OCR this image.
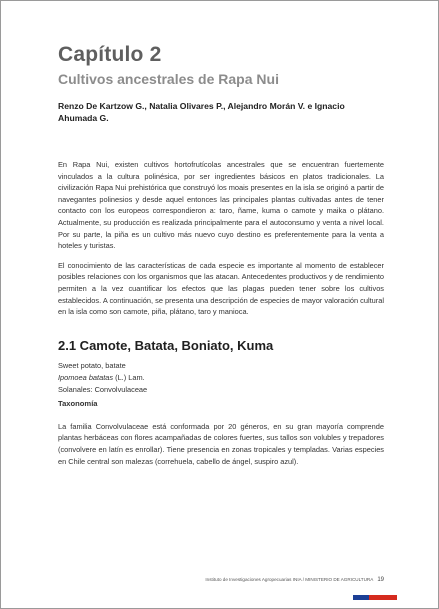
Capítulo 2
Cultivos ancestrales de Rapa Nui

Renzo De Kartzow G., Natalia Olivares P., Alejandro Morán V. e Ignacio Ahumada G.

En Rapa Nui, existen cultivos hortofrutícolas ancestrales que se encuentran fuertemente vinculados a la cultura polinésica, por ser ingredientes básicos en platos tradicionales. La civilización Rapa Nui prehistórica que construyó los moais presentes en la isla se originó a partir de navegantes polinesios y desde aquel entonces las principales plantas cultivadas antes de tener contacto con los europeos correspondieron a: taro, ñame, kuma o camote y maika o plátano. Actualmente, su producción es realizada principalmente para el autoconsumo y venta a nivel local. Por su parte, la piña es un cultivo más nuevo cuyo destino es preferentemente para la venta a hoteles y turistas.

El conocimiento de las características de cada especie es importante al momento de establecer posibles relaciones con los organismos que las atacan. Antecedentes productivos y de rendimiento permiten a la vez cuantificar los efectos que las plagas pueden tener sobre los cultivos establecidos. A continuación, se presenta una descripción de especies de mayor valoración cultural en la isla como son camote, piña, plátano, taro y manioca.

2.1 Camote, Batata, Boniato, Kuma
Sweet potato, batate
Ipomoea batatas (L.) Lam.
Solanales: Convolvulaceae
Taxonomía

La familia Convolvulaceae está conformada por 20 géneros, en su gran mayoría comprende plantas herbáceas con flores acampañadas de colores fuertes, sus tallos son volubles y trepadores (convolvere en latín es enrollar). Tiene presencia en zonas tropicales y templadas. Varias especies en Chile central son malezas (correhuela, cabello de ángel, suspiro azul).

Instituto de Investigaciones Agropecuarias INIA / MINISTERIO DE AGRICULTURA 19
